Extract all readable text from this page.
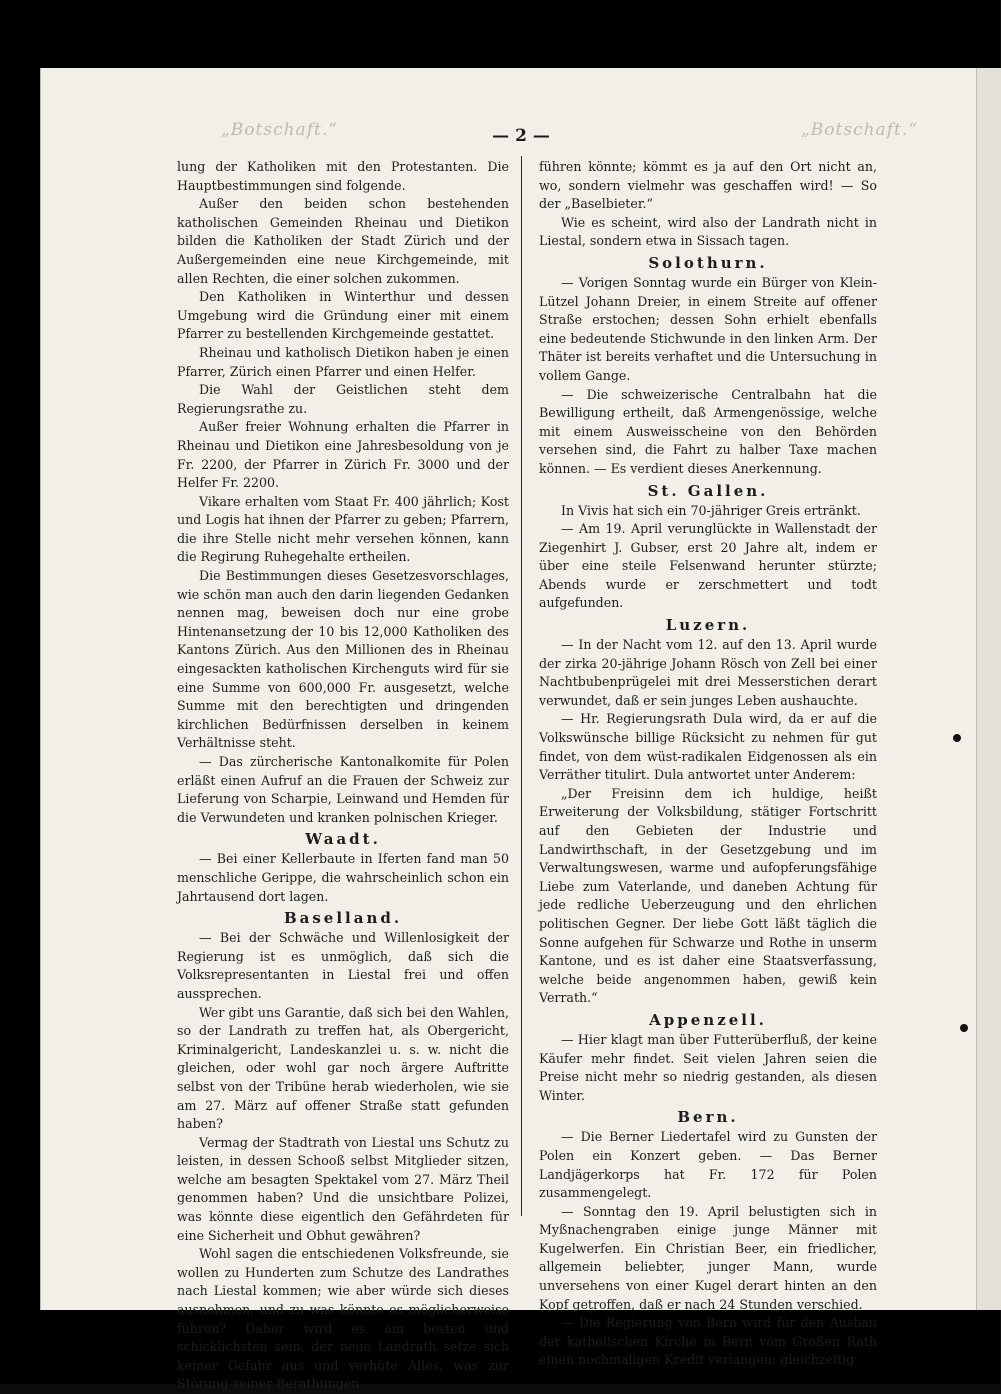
„Botschaft.“	„Botschaft.“
— 2 —

lung der Katholiken mit den Protestanten. Die Hauptbestimmungen sind folgende.

Außer den beiden schon bestehenden katholischen Gemeinden Rheinau und Dietikon bilden die Katholiken der Stadt Zürich und der Außergemeinden eine neue Kirchgemeinde, mit allen Rechten, die einer solchen zukommen.

Den Katholiken in Winterthur und dessen Umgebung wird die Gründung einer mit einem Pfarrer zu bestellenden Kirchgemeinde gestattet.

Rheinau und katholisch Dietikon haben je einen Pfarrer, Zürich einen Pfarrer und einen Helfer.

Die Wahl der Geistlichen steht dem Regierungsrathe zu.

Außer freier Wohnung erhalten die Pfarrer in Rheinau und Dietikon eine Jahresbesoldung von je Fr. 2200, der Pfarrer in Zürich Fr. 3000 und der Helfer Fr. 2200.

Vikare erhalten vom Staat Fr. 400 jährlich; Kost und Logis hat ihnen der Pfarrer zu geben; Pfarrern, die ihre Stelle nicht mehr versehen können, kann die Regirung Ruhegehalte ertheilen.

Die Bestimmungen dieses Gesetzesvorschlages, wie schön man auch den darin liegenden Gedanken nennen mag, beweisen doch nur eine grobe Hintenansetzung der 10 bis 12,000 Katholiken des Kantons Zürich. Aus den Millionen des in Rheinau eingesackten katholischen Kirchenguts wird für sie eine Summe von 600,000 Fr. ausgesetzt, welche Summe mit den berechtigten und dringenden kirchlichen Bedürfnissen derselben in keinem Verhältnisse steht.

— Das zürcherische Kantonalkomite für Polen erläßt einen Aufruf an die Frauen der Schweiz zur Lieferung von Scharpie, Leinwand und Hemden für die Verwundeten und kranken polnischen Krieger.

Waadt.

— Bei einer Kellerbaute in Iferten fand man 50 menschliche Gerippe, die wahrscheinlich schon ein Jahrtausend dort lagen.

Baselland.

— Bei der Schwäche und Willenlosigkeit der Regierung ist es unmöglich, daß sich die Volksrepresentanten in Liestal frei und offen aussprechen.

Wer gibt uns Garantie, daß sich bei den Wahlen, so der Landrath zu treffen hat, als Obergericht, Kriminalgericht, Landeskanzlei u. s. w. nicht die gleichen, oder wohl gar noch ärgere Auftritte selbst von der Tribüne herab wiederholen, wie sie am 27. März auf offener Straße statt gefunden haben?

Vermag der Stadtrath von Liestal uns Schutz zu leisten, in dessen Schooß selbst Mitglieder sitzen, welche am besagten Spektakel vom 27. März Theil genommen haben? Und die unsichtbare Polizei, was könnte diese eigentlich den Gefährdeten für eine Sicherheit und Obhut gewähren?

Wohl sagen die entschiedenen Volksfreunde, sie wollen zu Hunderten zum Schutze des Landrathes nach Liestal kommen; wie aber würde sich dieses ausnehmen, und zu was könnte es möglicherweise führen? Daher wird es am besten und schicklichsten sein, der neue Landrath setze sich keiner Gefahr aus und verhüte Alles, was zur Störung seiner Berathungen

führen könnte; kömmt es ja auf den Ort nicht an, wo, sondern vielmehr was geschaffen wird! — So der „Baselbieter.“

Wie es scheint, wird also der Landrath nicht in Liestal, sondern etwa in Sissach tagen.

Solothurn.

— Vorigen Sonntag wurde ein Bürger von Klein-Lützel Johann Dreier, in einem Streite auf offener Straße erstochen; dessen Sohn erhielt ebenfalls eine bedeutende Stichwunde in den linken Arm. Der Thäter ist bereits verhaftet und die Untersuchung in vollem Gange.

— Die schweizerische Centralbahn hat die Bewilligung ertheilt, daß Armengenössige, welche mit einem Ausweisscheine von den Behörden versehen sind, die Fahrt zu halber Taxe machen können. — Es verdient dieses Anerkennung.

St. Gallen.

In Vivis hat sich ein 70-jähriger Greis ertränkt.

— Am 19. April verunglückte in Wallenstadt der Ziegenhirt J. Gubser, erst 20 Jahre alt, indem er über eine steile Felsenwand herunter stürzte; Abends wurde er zerschmettert und todt aufgefunden.

Luzern.

— In der Nacht vom 12. auf den 13. April wurde der zirka 20-jährige Johann Rösch von Zell bei einer Nachtbubenprügelei mit drei Messerstichen derart verwundet, daß er sein junges Leben aushauchte.

— Hr. Regierungsrath Dula wird, da er auf die Volkswünsche billige Rücksicht zu nehmen für gut findet, von dem wüst-radikalen Eidgenossen als ein Verräther titulirt. Dula antwortet unter Anderem:

„Der Freisinn dem ich huldige, heißt Erweiterung der Volksbildung, stätiger Fortschritt auf den Gebieten der Industrie und Landwirthschaft, in der Gesetzgebung und im Verwaltungswesen, warme und aufopferungsfähige Liebe zum Vaterlande, und daneben Achtung für jede redliche Ueberzeugung und den ehrlichen politischen Gegner. Der liebe Gott läßt täglich die Sonne aufgehen für Schwarze und Rothe in unserm Kantone, und es ist daher eine Staatsverfassung, welche beide angenommen haben, gewiß kein Verrath.“

Appenzell.

— Hier klagt man über Futterüberfluß, der keine Käufer mehr findet. Seit vielen Jahren seien die Preise nicht mehr so niedrig gestanden, als diesen Winter.

Bern.

— Die Berner Liedertafel wird zu Gunsten der Polen ein Konzert geben. — Das Berner Landjägerkorps hat Fr. 172 für Polen zusammengelegt.

— Sonntag den 19. April belustigten sich in Myßnachengraben einige junge Männer mit Kugelwerfen. Ein Christian Beer, ein friedlicher, allgemein beliebter, junger Mann, wurde unversehens von einer Kugel derart hinten an den Kopf getroffen, daß er nach 24 Stunden verschied.

— Die Regierung von Bern wird für den Ausbau der katholischen Kirche in Bern vom Großen Rath einen nochmaligen Kredit verlangen; gleichzeitig
